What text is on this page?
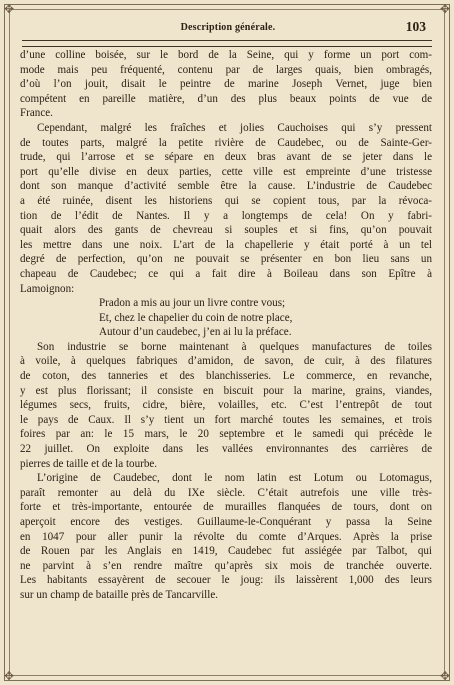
✥	✥
✥	✥
Description générale.	103
d’une colline boisée, sur le bord de la Seine, qui y forme un port com-
mode mais peu fréquenté, contenu par de larges quais, bien ombragés,
d’où l’on jouit, disait le peintre de marine Joseph Vernet, juge bien
compétent en pareille matière, d’un des plus beaux points de vue de
France.
Cependant, malgré les fraîches et jolies Cauchoises qui s’y pressent
de toutes parts, malgré la petite rivière de Caudebec, ou de Sainte-Ger-
trude, qui l’arrose et se sépare en deux bras avant de se jeter dans le
port qu’elle divise en deux parties, cette ville est empreinte d’une tristesse
dont son manque d’activité semble être la cause. L’industrie de Caudebec
a été ruinée, disent les historiens qui se copient tous, par la révoca-
tion de l’édit de Nantes. Il y a longtemps de cela! On y fabri-
quait alors des gants de chevreau si souples et si fins, qu’on pouvait
les mettre dans une noix. L’art de la chapellerie y était porté à un tel
degré de perfection, qu’on ne pouvait se présenter en bon lieu sans un
chapeau de Caudebec; ce qui a fait dire à Boileau dans son Epître à
Lamoignon:
Pradon a mis au jour un livre contre vous;
Et, chez le chapelier du coin de notre place,
Autour d’un caudebec, j’en ai lu la préface.
Son industrie se borne maintenant à quelques manufactures de toiles
à voile, à quelques fabriques d’amidon, de savon, de cuir, à des filatures
de coton, des tanneries et des blanchisseries. Le commerce, en revanche,
y est plus florissant; il consiste en biscuit pour la marine, grains, viandes,
légumes secs, fruits, cidre, bière, volailles, etc. C’est l’entrepôt de tout
le pays de Caux. Il s’y tient un fort marché toutes les semaines, et trois
foires par an: le 15 mars, le 20 septembre et le samedi qui précède le
22 juillet. On exploite dans les vallées environnantes des carrières de
pierres de taille et de la tourbe.
L’origine de Caudebec, dont le nom latin est Lotum ou Lotomagus,
paraît remonter au delà du IXe siècle. C’était autrefois une ville très-
forte et très-importante, entourée de murailles flanquées de tours, dont on
aperçoit encore des vestiges. Guillaume-le-Conquérant y passa la Seine
en 1047 pour aller punir la révolte du comte d’Arques. Après la prise
de Rouen par les Anglais en 1419, Caudebec fut assiégée par Talbot, qui
ne parvint à s’en rendre maître qu’après six mois de tranchée ouverte.
Les habitants essayèrent de secouer le joug: ils laissèrent 1,000 des leurs
sur un champ de bataille près de Tancarville.
